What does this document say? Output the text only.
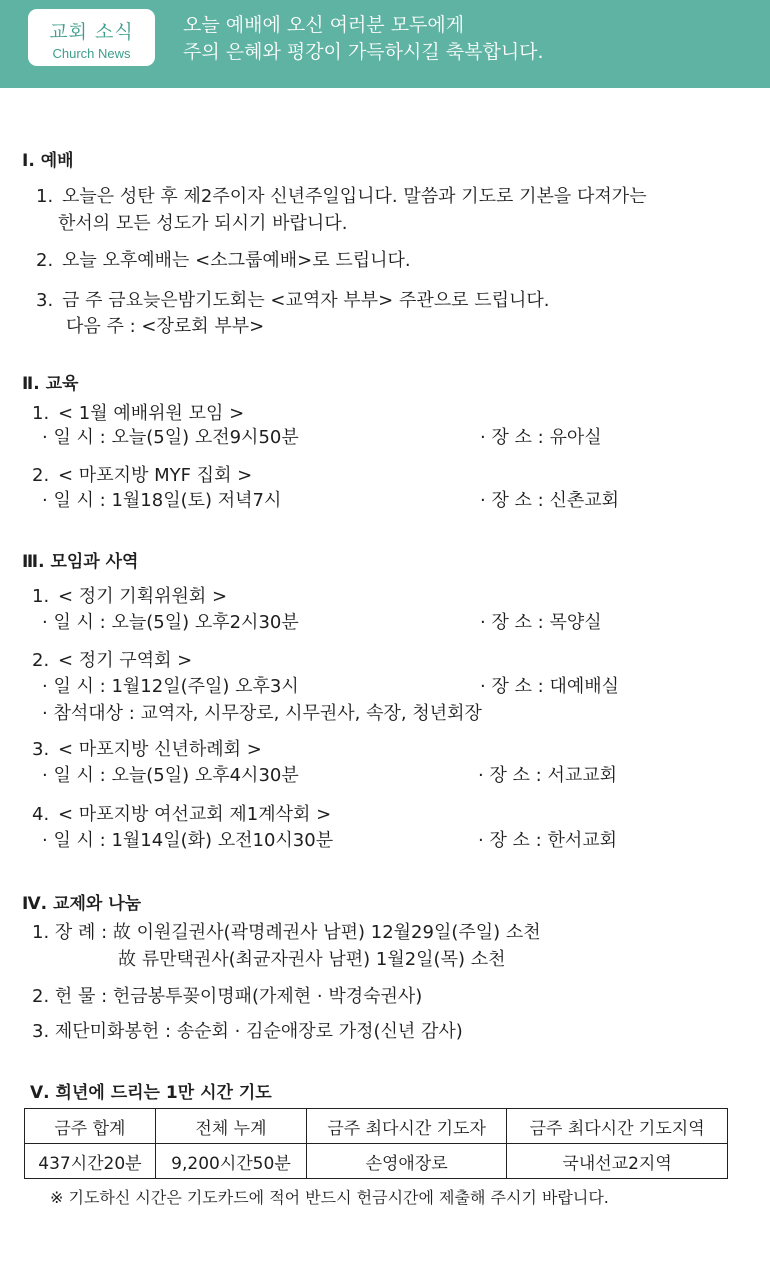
교회 소식
Church News
오늘 예배에 오신 여러분 모두에게
주의 은혜와 평강이 가득하시길 축복합니다.
Ⅰ. 예배
1. 오늘은 성탄 후 제2주이자 신년주일입니다. 말씀과 기도로 기본을 다져가는
한서의 모든 성도가 되시기 바랍니다.
2. 오늘 오후예배는 <소그룹예배>로 드립니다.
3. 금 주 금요늦은밤기도회는 <교역자 부부> 주관으로 드립니다.
다음 주 : <장로회 부부>
Ⅱ. 교육
1. < 1월 예배위원 모임 >
· 일 시 : 오늘(5일) 오전9시50분	· 장 소 : 유아실
2. < 마포지방 MYF 집회 >
· 일 시 : 1월18일(토) 저녁7시	· 장 소 : 신촌교회
Ⅲ. 모임과 사역
1. < 정기 기획위원회 >
· 일 시 : 오늘(5일) 오후2시30분	· 장 소 : 목양실
2. < 정기 구역회 >
· 일 시 : 1월12일(주일) 오후3시	· 장 소 : 대예배실
· 참석대상 : 교역자, 시무장로, 시무권사, 속장, 청년회장
3. < 마포지방 신년하례회 >
· 일 시 : 오늘(5일) 오후4시30분	· 장 소 : 서교교회
4. < 마포지방 여선교회 제1계삭회 >
· 일 시 : 1월14일(화) 오전10시30분	· 장 소 : 한서교회
Ⅳ. 교제와 나눔
1. 장 례 : 故 이원길권사(곽명례권사 남편) 12월29일(주일) 소천
故 류만택권사(최균자권사 남편) 1월2일(목) 소천
2. 헌 물 : 헌금봉투꽂이명패(가제현 · 박경숙권사)
3. 제단미화봉헌 : 송순회 · 김순애장로 가정(신년 감사)
Ⅴ. 희년에 드리는 1만 시간 기도
금주 합계	전체 누계	금주 최다시간 기도자	금주 최다시간 기도지역
437시간20분	9,200시간50분	손영애장로	국내선교2지역
※ 기도하신 시간은 기도카드에 적어 반드시 헌금시간에 제출해 주시기 바랍니다.
